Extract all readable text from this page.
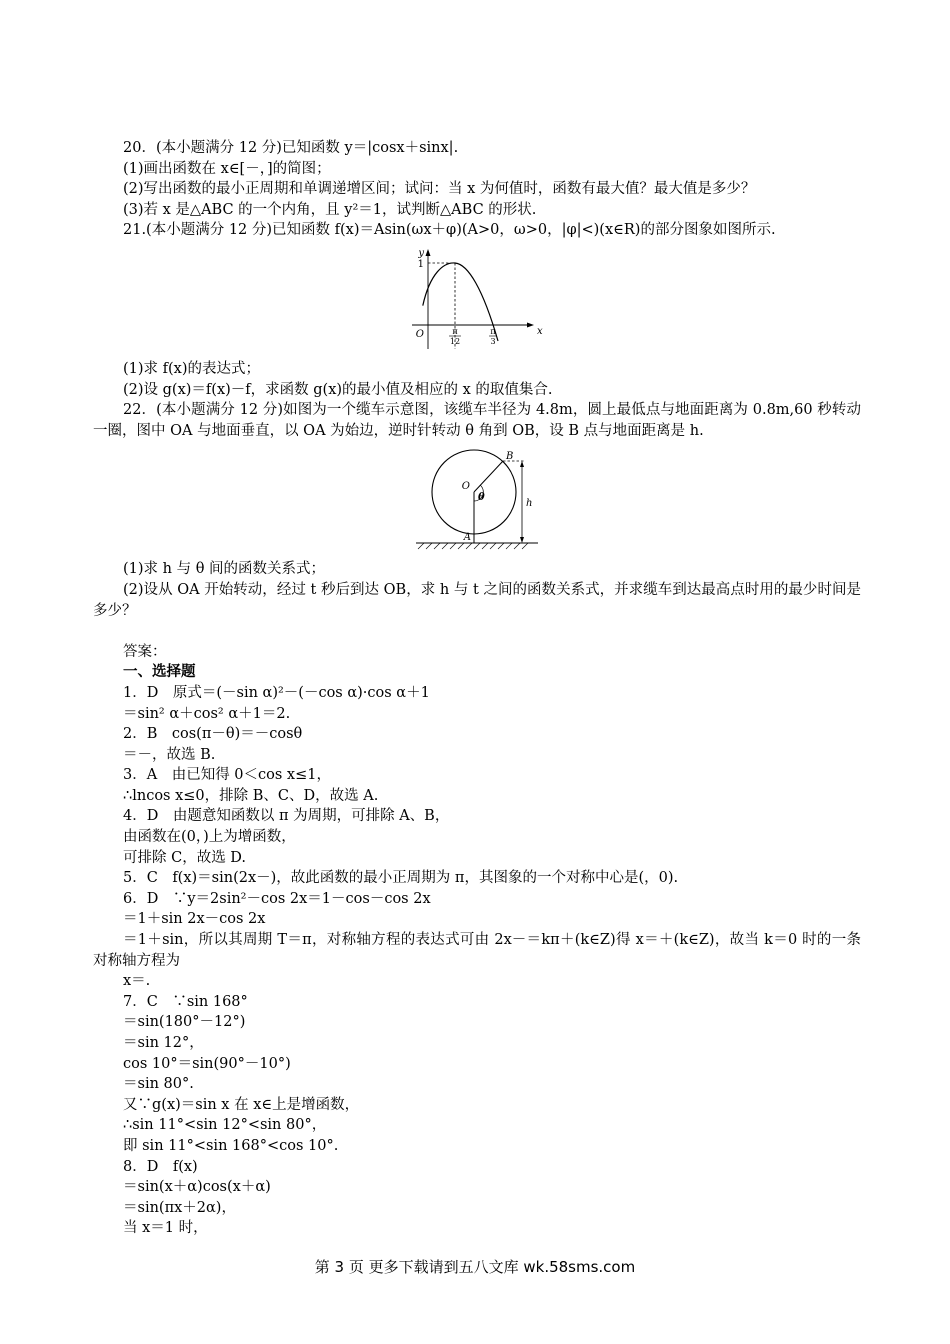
20．(本小题满分 12 分)已知函数 y＝|cosx＋sinx|.
(1)画出函数在 x∈[－，]的简图；
(2)写出函数的最小正周期和单调递增区间；试问：当 x 为何值时，函数有最大值？最大值是多少？
(3)若 x 是△ABC 的一个内角，且 y²＝1，试判断△ABC 的形状.
21.(本小题满分 12 分)已知函数 f(x)＝Asin(ωx＋φ)(A>0，ω>0，|φ|<)(x∈R)的部分图象如图所示.
y
x
O
1
π
12
π
3
(1)求 f(x)的表达式；
(2)设 g(x)＝f(x)－f，求函数 g(x)的最小值及相应的 x 的取值集合.
22．(本小题满分 12 分)如图为一个缆车示意图，该缆车半径为 4.8m，圆上最低点与地面距离为 0.8m,60 秒转动一圈，图中 OA 与地面垂直，以 OA 为始边，逆时针转动 θ 角到 OB，设 B 点与地面距离是 h.
O
B
A
θ
h
(1)求 h 与 θ 间的函数关系式；
(2)设从 OA 开始转动，经过 t 秒后到达 OB，求 h 与 t 之间的函数关系式，并求缆车到达最高点时用的最少时间是多少？
答案：
一、选择题
1．D　原式＝(－sin α)²－(－cos α)·cos α＋1
＝sin² α＋cos² α＋1＝2.
2．B　cos(π－θ)＝－cosθ
＝－，故选 B.
3．A　由已知得 0＜cos x≤1，
∴lncos x≤0，排除 B、C、D，故选 A.
4．D　由题意知函数以 π 为周期，可排除 A、B，
由函数在(0，)上为增函数，
可排除 C，故选 D.
5．C　f(x)＝sin(2x－)，故此函数的最小正周期为 π，其图象的一个对称中心是(，0).
6．D　∵y＝2sin²－cos 2x＝1－cos－cos 2x
＝1＋sin 2x－cos 2x
＝1＋sin，所以其周期 T＝π，对称轴方程的表达式可由 2x－＝kπ＋(k∈Z)得 x＝＋(k∈Z)，故当 k＝0 时的一条对称轴方程为
x＝.
7．C　∵sin 168°
＝sin(180°－12°)
＝sin 12°，
cos 10°＝sin(90°－10°)
＝sin 80°.
又∵g(x)＝sin x 在 x∈上是增函数，
∴sin 11°<sin 12°<sin 80°，
即 sin 11°<sin 168°<cos 10°.
8．D　f(x)
＝sin(x＋α)cos(x＋α)
＝sin(πx＋2α)，
当 x＝1 时，
第 3 页 更多下载请到五八文库 wk.58sms.com
